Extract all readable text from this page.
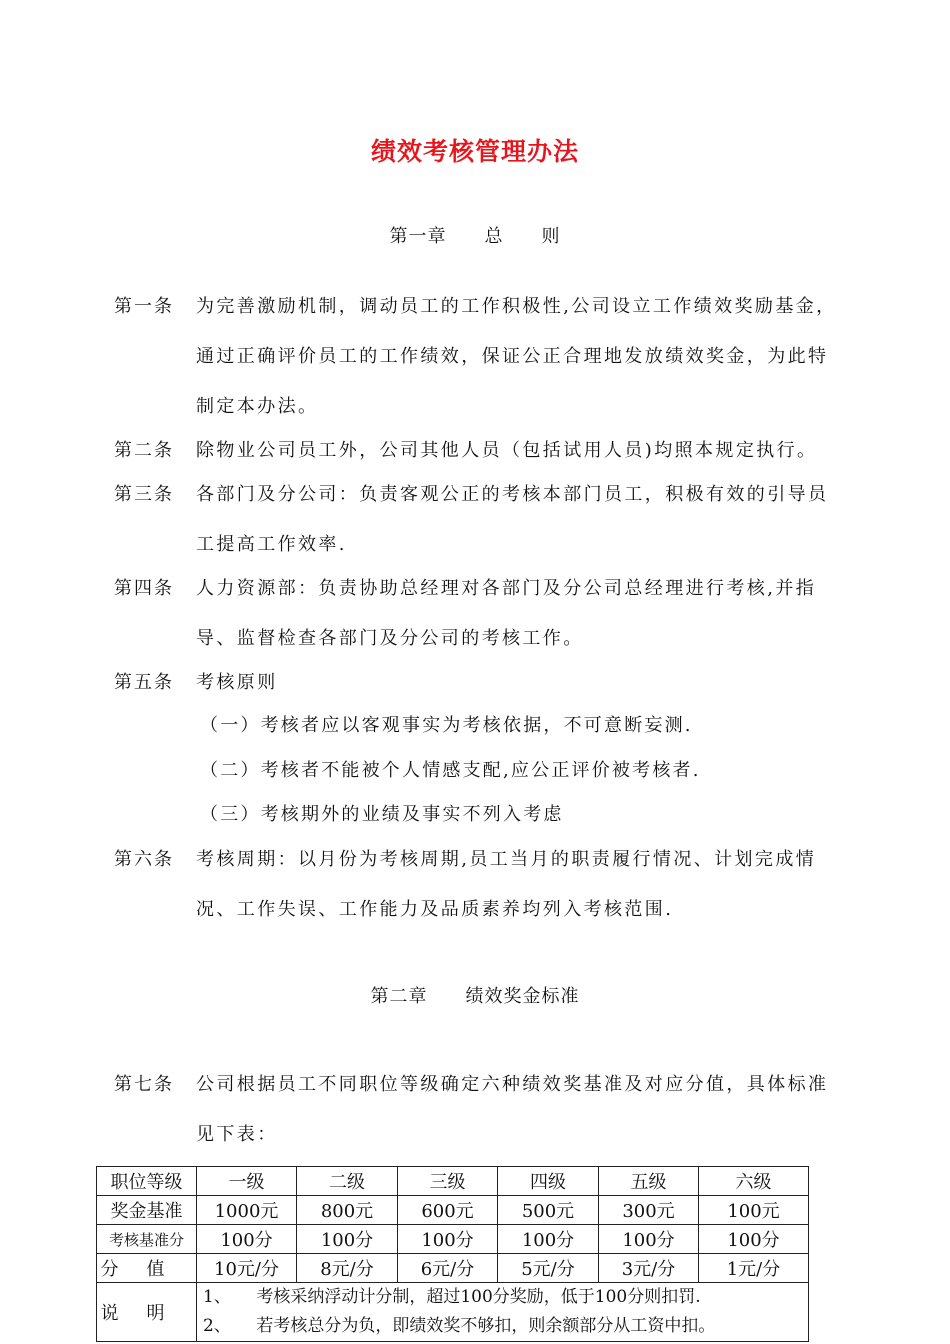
绩效考核管理办法
第一章　　总　　则
第一条 为完善激励机制，调动员工的工作积极性,公司设立工作绩效奖励基金，
通过正确评价员工的工作绩效，保证公正合理地发放绩效奖金，为此特
制定本办法。
第二条 除物业公司员工外，公司其他人员（包括试用人员)均照本规定执行。
第三条 各部门及分公司：负责客观公正的考核本部门员工，积极有效的引导员
工提高工作效率.
第四条 人力资源部：负责协助总经理对各部门及分公司总经理进行考核,并指
导、监督检查各部门及分公司的考核工作。
第五条 考核原则
（一）考核者应以客观事实为考核依据，不可意断妄测.
（二）考核者不能被个人情感支配,应公正评价被考核者.
（三）考核期外的业绩及事实不列入考虑
第六条 考核周期：以月份为考核周期,员工当月的职责履行情况、计划完成情
况、工作失误、工作能力及品质素养均列入考核范围.
第二章　　绩效奖金标准
第七条 公司根据员工不同职位等级确定六种绩效奖基准及对应分值，具体标准
见下表：
职位等级	一级	二级	三级	四级	五级	六级
奖金基准	1000元	800元	600元	500元	300元	100元
考核基准分	100分	100分	100分	100分	100分	100分
分值	10元/分	8元/分	6元/分	5元/分	3元/分	1元/分
说明	1、　　考核采纳浮动计分制，超过100分奖励，低于100分则扣罚.
2、　　若考核总分为负，即绩效奖不够扣，则余额部分从工资中扣。					
